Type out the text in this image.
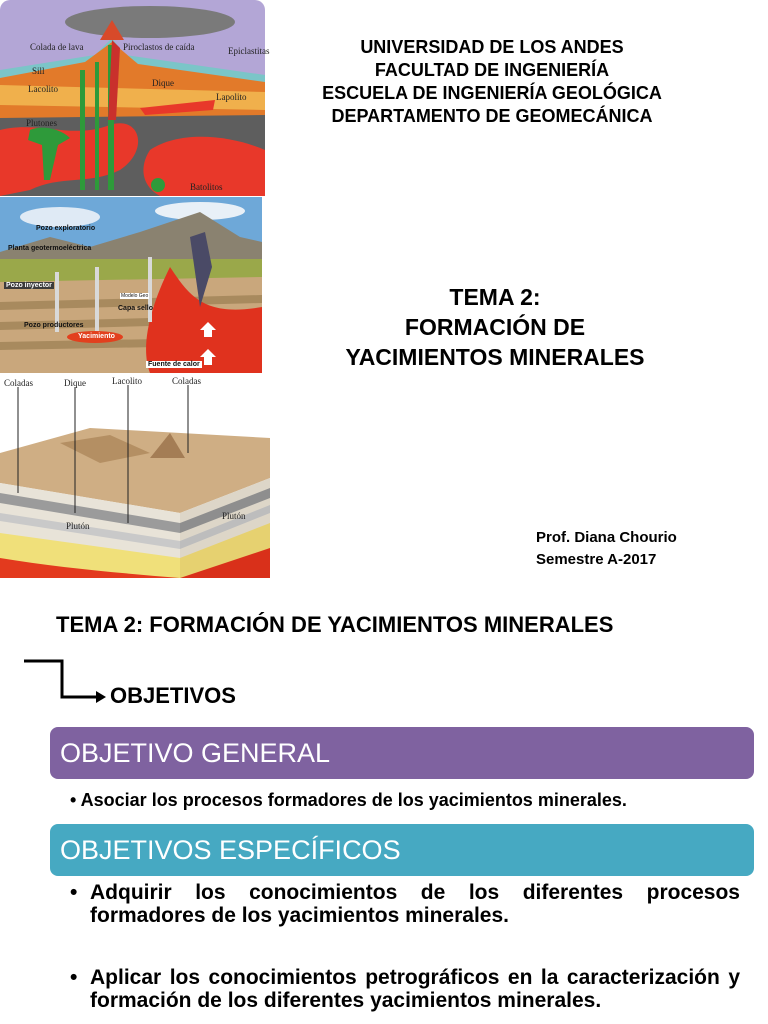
Colada de lava	Piroclastos de caída	Epiclastitas
Sill
Lacolito
Dique
Lapolito
Plutones
Batolitos
Pozo exploratorio
Planta geotermoeléctrica
Pozo inyector
Modelo Geo
Capa sello
Pozo productores
Yacimiento
Fuente de calor
Coladas	Dique	Lacolito	Coladas
Plutón
Plutón
UNIVERSIDAD DE LOS ANDES
FACULTAD DE INGENIERÍA
ESCUELA DE INGENIERÍA GEOLÓGICA
DEPARTAMENTO DE GEOMECÁNICA
TEMA 2:
FORMACIÓN DE
YACIMIENTOS MINERALES
Prof. Diana Chourio
Semestre A-2017
TEMA 2: FORMACIÓN DE YACIMIENTOS MINERALES
OBJETIVOS
OBJETIVO GENERAL
• Asociar los procesos formadores de los yacimientos minerales.
OBJETIVOS ESPECÍFICOS
• Adquirir los conocimientos de los diferentes procesos formadores de los yacimientos minerales.
• Aplicar los conocimientos petrográficos en la caracterización y formación de los diferentes yacimientos minerales.
